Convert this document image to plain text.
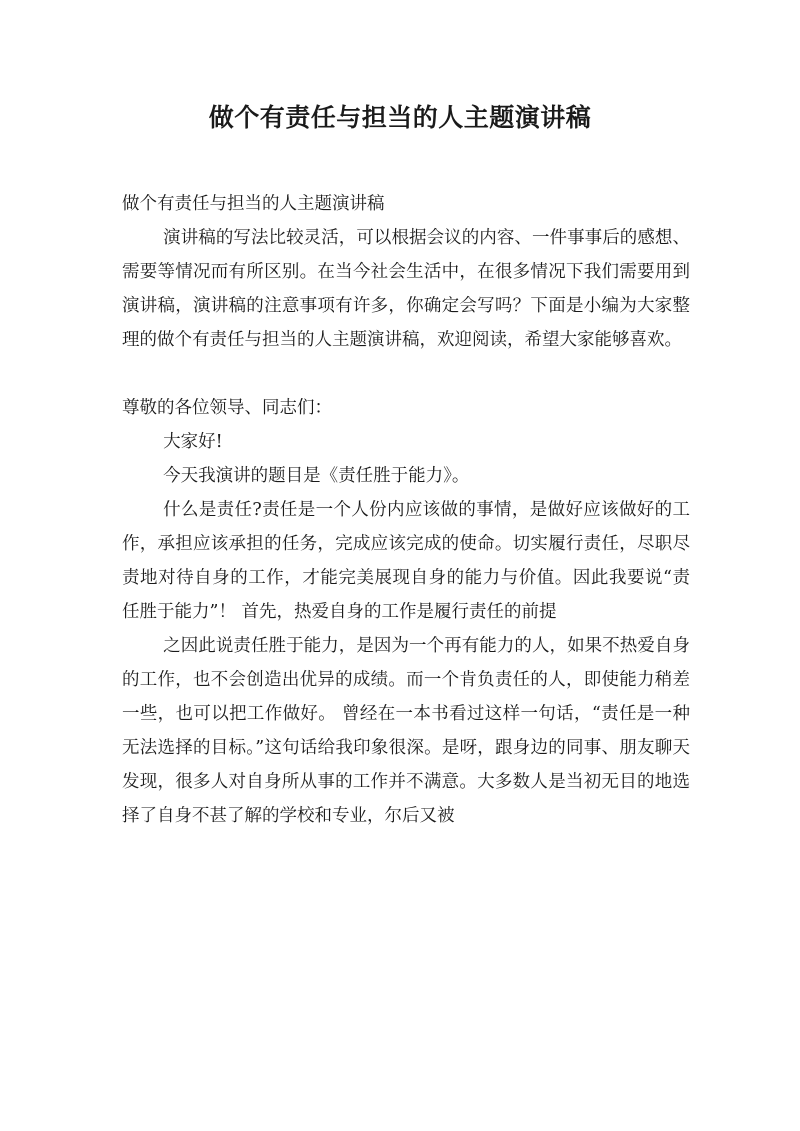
做个有责任与担当的人主题演讲稿

做个有责任与担当的人主题演讲稿

演讲稿的写法比较灵活，可以根据会议的内容、一件事事后的感想、需要等情况而有所区别。在当今社会生活中，在很多情况下我们需要用到演讲稿，演讲稿的注意事项有许多，你确定会写吗？下面是小编为大家整理的做个有责任与担当的人主题演讲稿，欢迎阅读，希望大家能够喜欢。

尊敬的各位领导、同志们：

大家好!

今天我演讲的题目是《责任胜于能力》。

什么是责任?责任是一个人份内应该做的事情，是做好应该做好的工作，承担应该承担的任务，完成应该完成的使命。切实履行责任，尽职尽责地对待自身的工作，才能完美展现自身的能力与价值。因此我要说“责任胜于能力”！ 首先，热爱自身的工作是履行责任的前提

之因此说责任胜于能力，是因为一个再有能力的人，如果不热爱自身的工作，也不会创造出优异的成绩。而一个肯负责任的人，即使能力稍差一些，也可以把工作做好。 曾经在一本书看过这样一句话，“责任是一种无法选择的目标。”这句话给我印象很深。是呀，跟身边的同事、朋友聊天发现，很多人对自身所从事的工作并不满意。大多数人是当初无目的地选择了自身不甚了解的学校和专业，尔后又被
